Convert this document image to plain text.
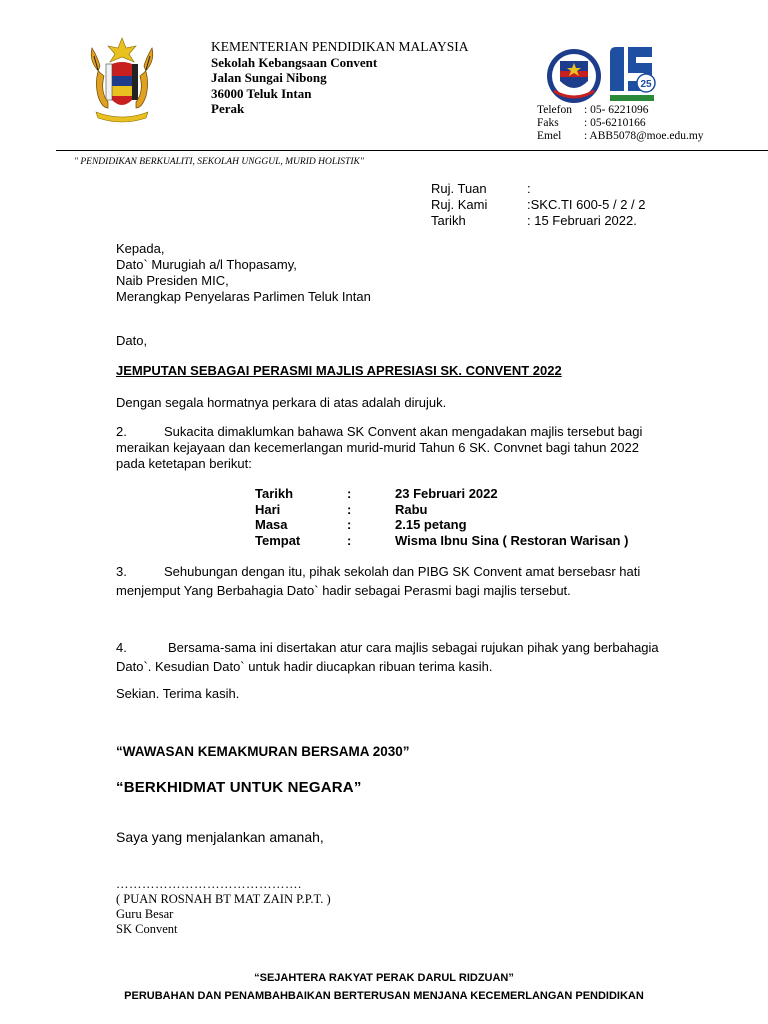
KEMENTERIAN PENDIDIKAN MALAYSIA
Sekolah Kebangsaan Convent
Jalan Sungai Nibong
36000 Teluk Intan
Perak
25
Telefon : 05- 6221096
Faks : 05-6210166
Emel : ABB5078@moe.edu.my
" PENDIDIKAN BERKUALITI, SEKOLAH UNGGUL, MURID HOLISTIK"
Ruj. Tuan	:
Ruj. Kami	:SKC.TI 600-5 / 2 / 2
Tarikh	: 15 Februari 2022.
Kepada,
Dato` Murugiah a/l Thopasamy,
Naib Presiden MIC,
Merangkap Penyelaras Parlimen Teluk Intan
Dato,
JEMPUTAN SEBAGAI PERASMI MAJLIS APRESIASI SK. CONVENT 2022
Dengan segala hormatnya perkara di atas adalah dirujuk.
2.	Sukacita dimaklumkan bahawa SK Convent akan mengadakan majlis tersebut bagi
meraikan kejayaan dan kecemerlangan murid-murid Tahun 6 SK. Convnet bagi tahun 2022
pada ketetapan berikut:
Tarikh	:	23 Februari 2022
Hari	:	Rabu
Masa	:	2.15 petang
Tempat	:	Wisma Ibnu Sina ( Restoran Warisan )
3.	Sehubungan dengan itu, pihak sekolah dan PIBG SK Convent amat bersebasr hati
menjemput Yang Berbahagia Dato` hadir sebagai Perasmi bagi majlis tersebut.
4.	Bersama-sama ini disertakan atur cara majlis sebagai rujukan pihak yang berbahagia
Dato`. Kesudian Dato` untuk hadir diucapkan ribuan terima kasih.
Sekian. Terima kasih.
“WAWASAN KEMAKMURAN BERSAMA 2030”
“BERKHIDMAT UNTUK NEGARA”
Saya yang menjalankan amanah,
…………………………………….
( PUAN ROSNAH BT MAT ZAIN P.P.T. )
Guru Besar
SK Convent
“SEJAHTERA RAKYAT PERAK DARUL RIDZUAN”
PERUBAHAN DAN PENAMBAHBAIKAN BERTERUSAN MENJANA KECEMERLANGAN PENDIDIKAN
